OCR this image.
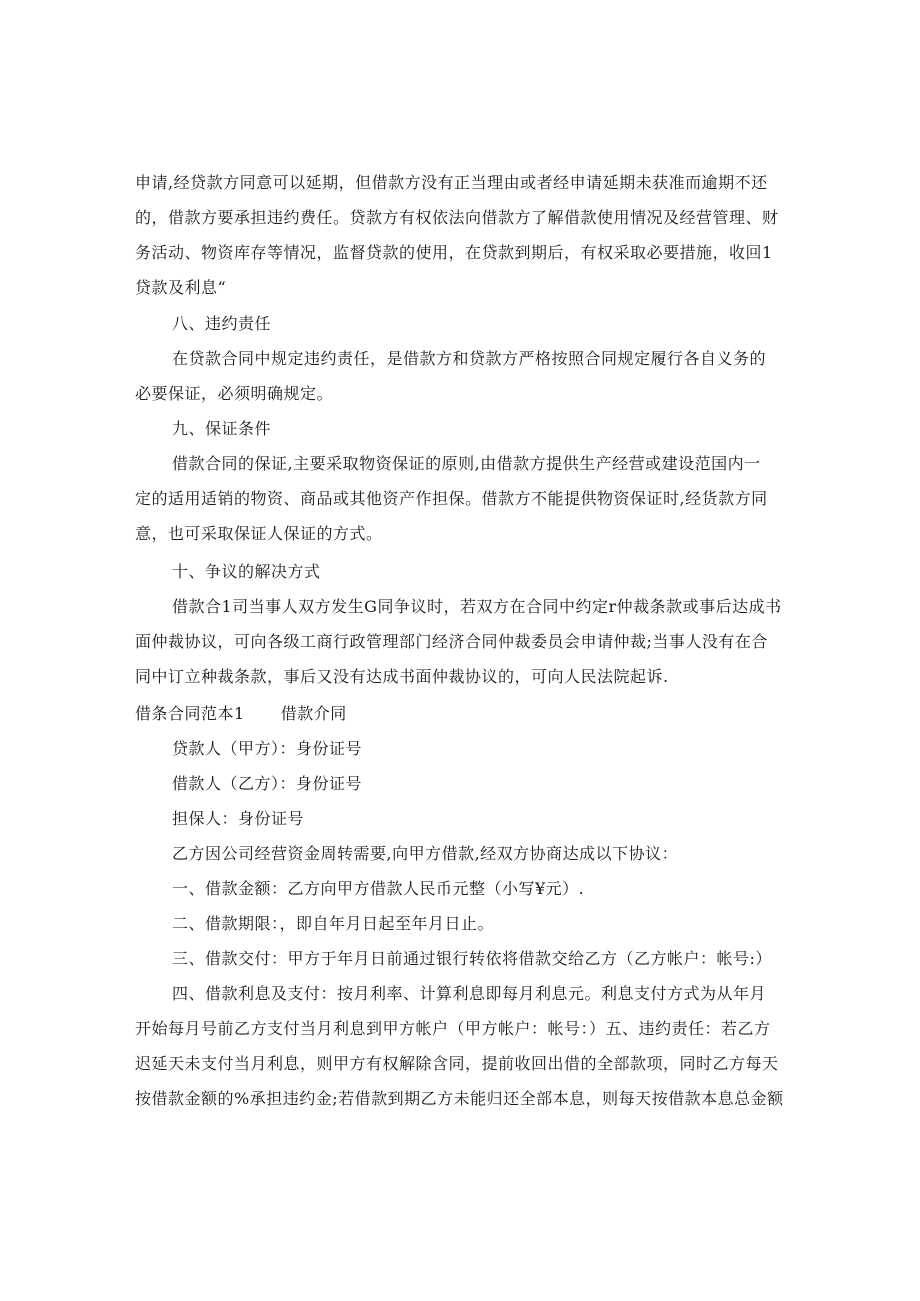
申请,经贷款方同意可以延期，但借款方没有正当理由或者经申请延期未获准而逾期不还
的，借款方要承担违约费任。贷款方有权依法向借款方了解借款使用情况及经营管理、财
务活动、物资库存等情况，监督贷款的使用，在贷款到期后，有权采取必要措施，收回1
贷款及利息“
八、违约责任
在贷款合同中规定违约责任，是借款方和贷款方严格按照合同规定履行各自义务的
必要保证，必须明确规定。
九、保证条件
借款合同的保证,主要采取物资保证的原则,由借款方提供生产经营或建设范国内一
定的适用适销的物资、商品或其他资产作担保。借款方不能提供物资保证时,经货款方同
意，也可采取保证人保证的方式。
十、争议的解决方式
借款合1司当事人双方发生G同争议时，若双方在合同中约定r仲裁条款或事后达成书
面仲裁协议，可向各级工商行政管理部门经济合同仲裁委员会申请仲裁;当事人没有在合
同中订立种裁条款，事后又没有达成书面仲裁协议的，可向人民法院起诉.
借条合同范本1 借款介同
贷款人（甲方）：身份证号
借款人（乙方）：身份证号
担保人：身份证号
乙方因公司经营资金周转需要,向甲方借款,经双方协商达成以下协议：
一、借款金额：乙方向甲方借款人民币元整（小写¥元）.
二、借款期限：，即自年月日起至年月日止。
三、借款交付：甲方于年月日前通过银行转依将借款交给乙方（乙方帐户：帐号:）
四、借款利息及支付：按月利率、计算利息即每月利息元。利息支付方式为从年月
开始每月号前乙方支付当月利息到甲方帐户（甲方帐户：帐号：）五、违约责任：若乙方
迟延天未支付当月利息，则甲方有权解除含同，提前收回出借的全部款项，同时乙方每天
按借款金额的%承担违约金;若借款到期乙方未能归还全部本息，则每天按借款本息总金额
